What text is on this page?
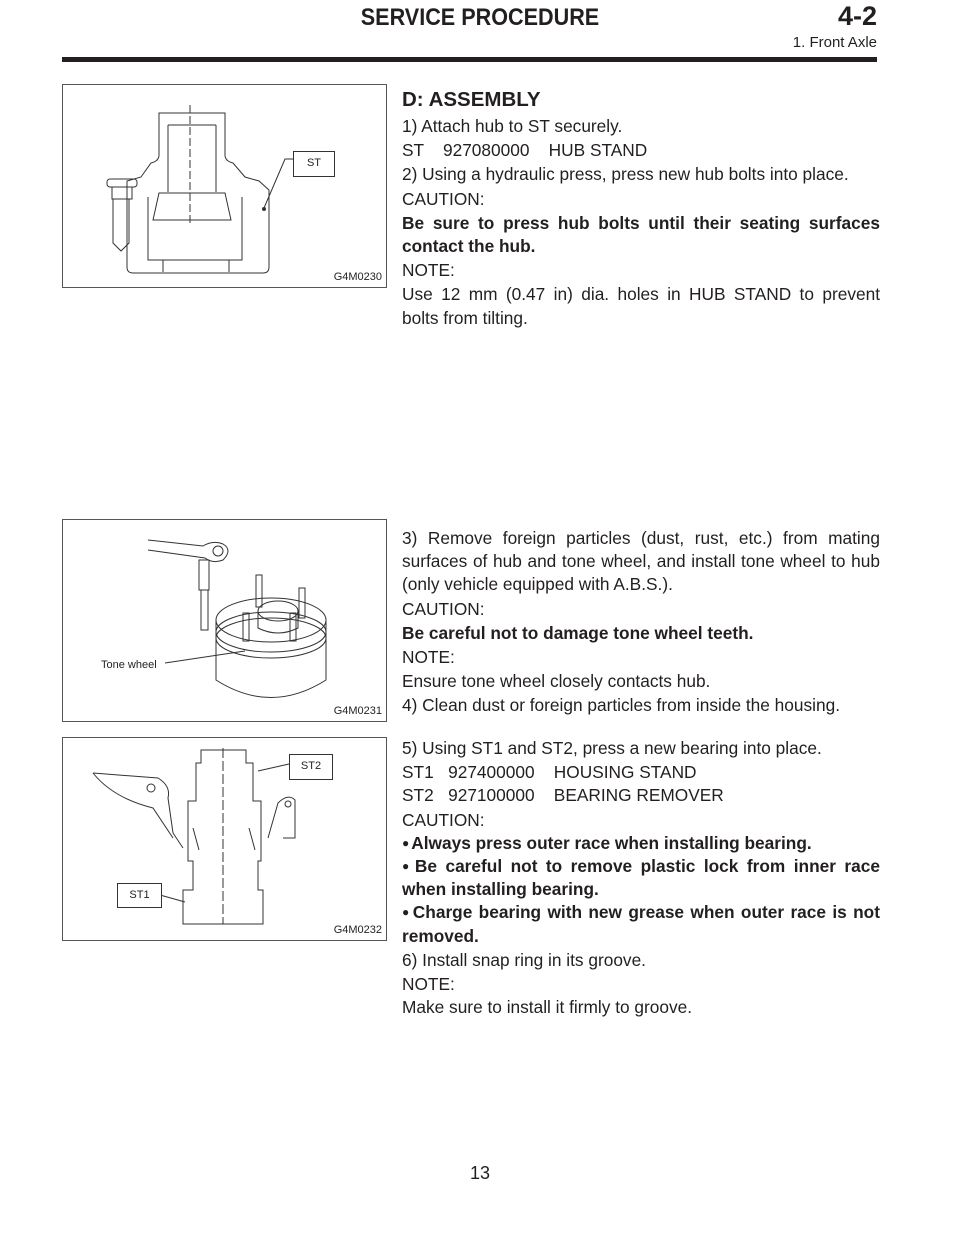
SERVICE PROCEDURE	4-2
1. Front Axle
ST
G4M0230
D: ASSEMBLY

1) Attach hub to ST securely.

ST    927080000    HUB STAND

2) Using a hydraulic press, press new hub bolts into place.

CAUTION:

Be sure to press hub bolts until their seating surfaces contact the hub.

NOTE:

Use 12 mm (0.47 in) dia. holes in HUB STAND to prevent bolts from tilting.

Tone wheel
G4M0231

3) Remove foreign particles (dust, rust, etc.) from mating surfaces of hub and tone wheel, and install tone wheel to hub (only vehicle equipped with A.B.S.).

CAUTION:

Be careful not to damage tone wheel teeth.

NOTE:

Ensure tone wheel closely contacts hub.

4) Clean dust or foreign particles from inside the housing.

ST2
ST1
G4M0232

5) Using ST1 and ST2, press a new bearing into place.

ST1   927400000    HOUSING STAND

ST2   927100000    BEARING REMOVER

CAUTION:

● Always press outer race when installing bearing.

● Be careful not to remove plastic lock from inner race when installing bearing.

● Charge bearing with new grease when outer race is not removed.

6) Install snap ring in its groove.

NOTE:

Make sure to install it firmly to groove.

13
